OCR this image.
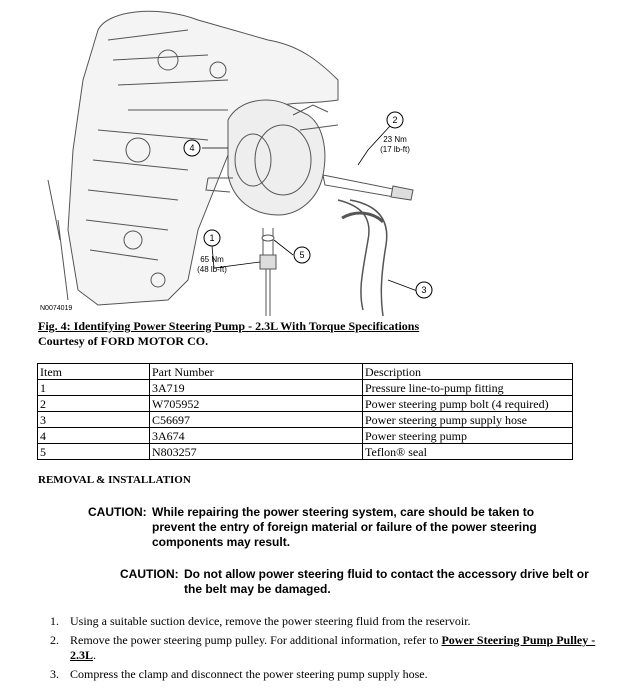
4
2
1
5
3
23 Nm
(17 lb-ft)
65 Nm
(48 lb-ft)
N0074019
Fig. 4: Identifying Power Steering Pump - 2.3L With Torque Specifications
Courtesy of FORD MOTOR CO.
Item	Part Number	Description
1	3A719	Pressure line-to-pump fitting
2	W705952	Power steering pump bolt (4 required)
3	C56697	Power steering pump supply hose
4	3A674	Power steering pump
5	N803257	Teflon® seal
REMOVAL & INSTALLATION
CAUTION: While repairing the power steering system, care should be taken to prevent the entry of foreign material or failure of the power steering components may result.
CAUTION: Do not allow power steering fluid to contact the accessory drive belt or the belt may be damaged.
1. Using a suitable suction device, remove the power steering fluid from the reservoir.
2. Remove the power steering pump pulley. For additional information, refer to Power Steering Pump Pulley - 2.3L.
3. Compress the clamp and disconnect the power steering pump supply hose.
